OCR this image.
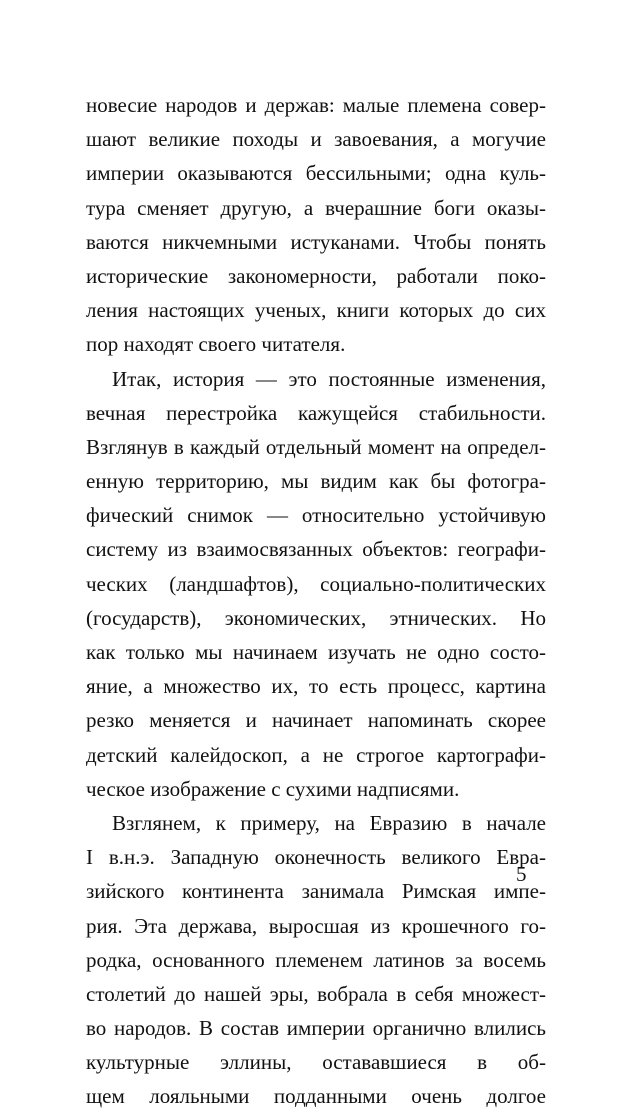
новесие народов и держав: малые племена совер-
шают великие походы и завоевания, а могучие
империи оказываются бессильными; одна куль-
тура сменяет другую, а вчерашние боги оказы-
ваются никчемными истуканами. Чтобы понять
исторические закономерности, работали поко-
ления настоящих ученых, книги которых до сих
пор находят своего читателя.
Итак, история — это постоянные изменения,
вечная перестройка кажущейся стабильности.
Взглянув в каждый отдельный момент на определ-
енную территорию, мы видим как бы фотогра-
фический снимок — относительно устойчивую
систему из взаимосвязанных объектов: географи-
ческих (ландшафтов), социально-политических
(государств), экономических, этнических. Но
как только мы начинаем изучать не одно состо-
яние, а множество их, то есть процесс, картина
резко меняется и начинает напоминать скорее
детский калейдоскоп, а не строгое картографи-
ческое изображение с сухими надписями.
Взглянем, к примеру, на Евразию в начале
I в.н.э. Западную оконечность великого Евра-
зийского континента занимала Римская импе-
рия. Эта держава, выросшая из крошечного го-
родка, основанного племенем латинов за восемь
столетий до нашей эры, вобрала в себя множест-
во народов. В состав империи органично влились
культурные эллины, остававшиеся в об-
щем лояльными подданными очень долгое
5
